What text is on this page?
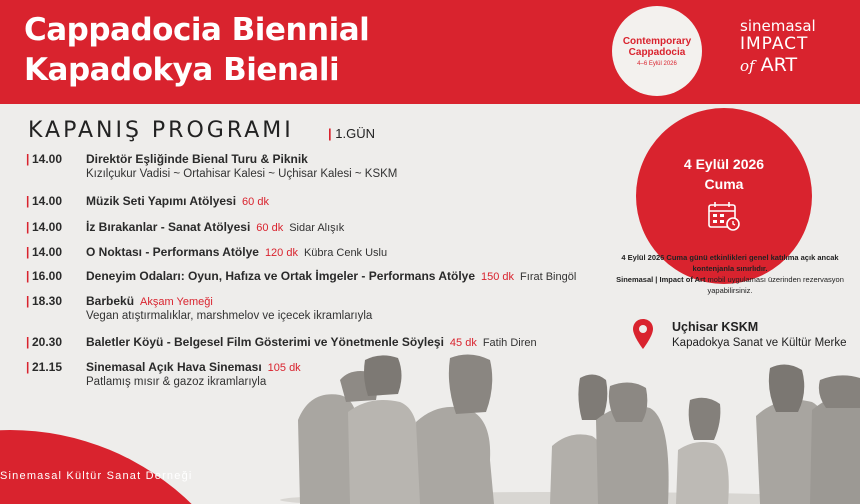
Cappadocia Biennial
Kapadokya Bienali
Contemporary
Cappadocia
4–6 Eylül 2026
sinemasal
IMPACT
of ART
KAPANIŞ PROGRAMI	| 1.GÜN
| 14.00 Direktör Eşliğinde Bienal Turu & Piknik
Kızılçukur Vadisi ~ Ortahisar Kalesi ~ Uçhisar Kalesi ~ KSKM
| 14.00 Müzik Seti Yapımı Atölyesi 60 dk
| 14.00 İz Bırakanlar - Sanat Atölyesi 60 dk Sidar Alışık
| 14.00 O Noktası - Performans Atölye 120 dk Kübra Cenk Uslu
| 16.00 Deneyim Odaları: Oyun, Hafıza ve Ortak İmgeler - Performans Atölye 150 dk Fırat Bingöl
| 18.30 Barbekü Akşam Yemeği
Vegan atıştırmalıklar, marshmelov ve içecek ikramlarıyla
| 20.30 Baletler Köyü - Belgesel Film Gösterimi ve Yönetmenle Söyleşi 45 dk Fatih Diren
| 21.15 Sinemasal Açık Hava Sineması 105 dk
Patlamış mısır & gazoz ikramlarıyla
4 Eylül 2026
Cuma
4 Eylül 2026 Cuma günü etkinlikleri genel katılıma açık ancak kontenjanla sınırlıdır.
Sinemasal | Impact of Art mobil uygulaması üzerinden rezervasyon yapabilirsiniz.
Uçhisar KSKM
Kapadokya Sanat ve Kültür Merke
Sinemasal Kültür Sanat Derneği
